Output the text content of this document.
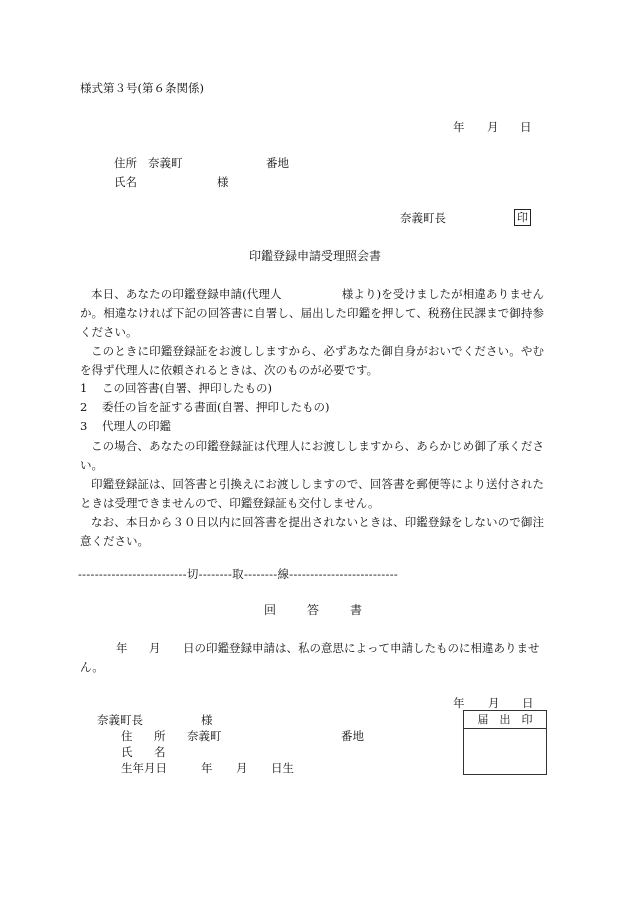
様式第３号(第６条関係)
年 月 日
住所 奈義町	番地
氏名	様
奈義町長	印
印鑑登録申請受理照会書
本日、あなたの印鑑登録申請(代理人	様より)を受けましたが相違ありませんか。相違なければ下記の回答書に自署し、届出した印鑑を押して、税務住民課まで御持参ください。
このときに印鑑登録証をお渡ししますから、必ずあなた御自身がおいでください。やむを得ず代理人に依頼されるときは、次のものが必要です。
1 この回答書(自署、押印したもの)
2 委任の旨を証する書面(自署、押印したもの)
3 代理人の印鑑
この場合、あなたの印鑑登録証は代理人にお渡ししますから、あらかじめ御了承ください。
印鑑登録証は、回答書と引換えにお渡ししますので、回答書を郵便等により送付されたときは受理できませんので、印鑑登録証も交付しません。
なお、本日から３０日以内に回答書を提出されないときは、印鑑登録をしないので御注意ください。
--------------------------切--------取--------線--------------------------
回	答	書
年 月 日の印鑑登録申請は、私の意思によって申請したものに相違ありませ
ん。
年 月 日
奈義町長	様
住 所 奈義町	番地
氏 名
生年月日	年 月 日生
届　出　印
